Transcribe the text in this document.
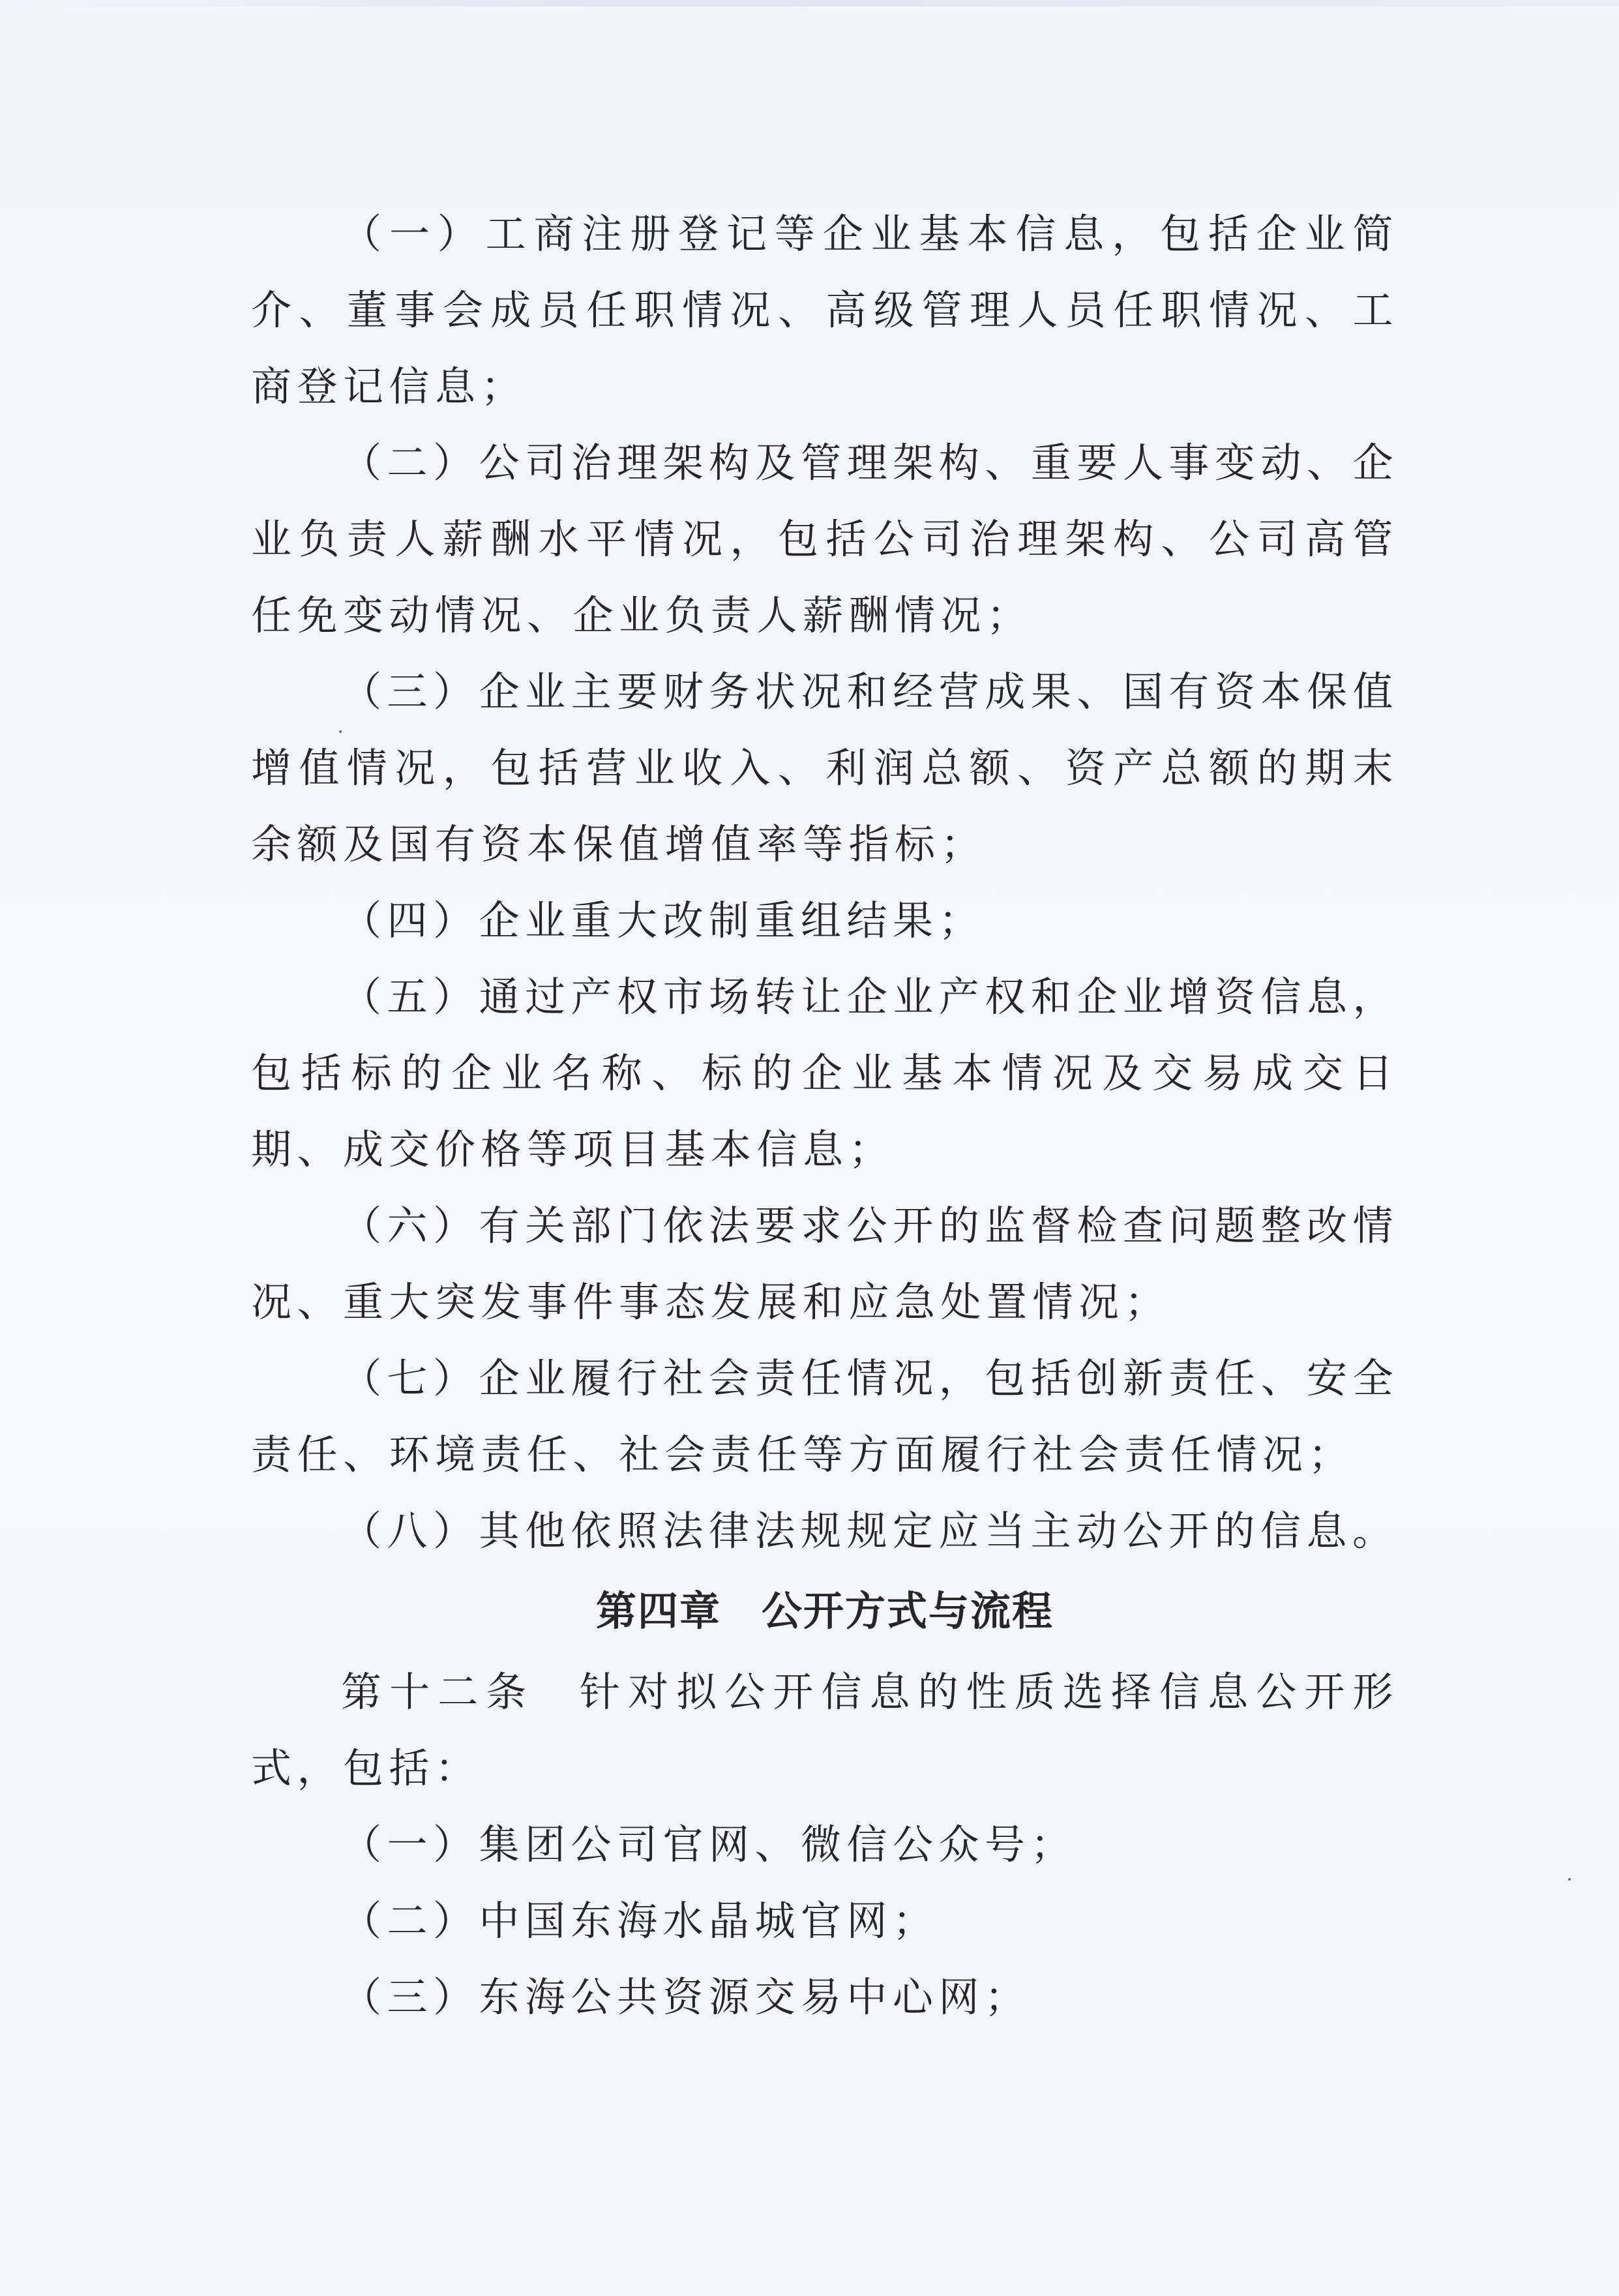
（一）工商注册登记等企业基本信息，包括企业简介、董事会成员任职情况、高级管理人员任职情况、工商登记信息；

（二）公司治理架构及管理架构、重要人事变动、企业负责人薪酬水平情况，包括公司治理架构、公司高管任免变动情况、企业负责人薪酬情况；

（三）企业主要财务状况和经营成果、国有资本保值增值情况，包括营业收入、利润总额、资产总额的期末余额及国有资本保值增值率等指标；

（四）企业重大改制重组结果；

（五）通过产权市场转让企业产权和企业增资信息，包括标的企业名称、标的企业基本情况及交易成交日期、成交价格等项目基本信息；

（六）有关部门依法要求公开的监督检查问题整改情况、重大突发事件事态发展和应急处置情况；

（七）企业履行社会责任情况，包括创新责任、安全责任、环境责任、社会责任等方面履行社会责任情况；

（八）其他依照法律法规规定应当主动公开的信息。

第四章 公开方式与流程

第十二条 针对拟公开信息的性质选择信息公开形式，包括：

（一）集团公司官网、微信公众号；

（二）中国东海水晶城官网；

（三）东海公共资源交易中心网；
